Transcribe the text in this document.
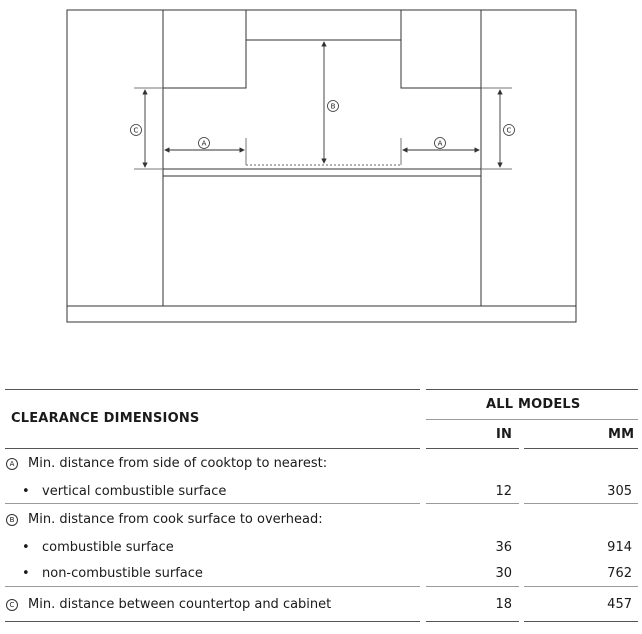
A	A
B
C	C
CLEARANCE DIMENSIONS
ALL MODELS
IN	MM
A Min. distance from side of cooktop to nearest:
• vertical combustible surface	12	305
B Min. distance from cook surface to overhead:
• combustible surface	36	914
• non-combustible surface	30	762
C Min. distance between countertop and cabinet	18	457
